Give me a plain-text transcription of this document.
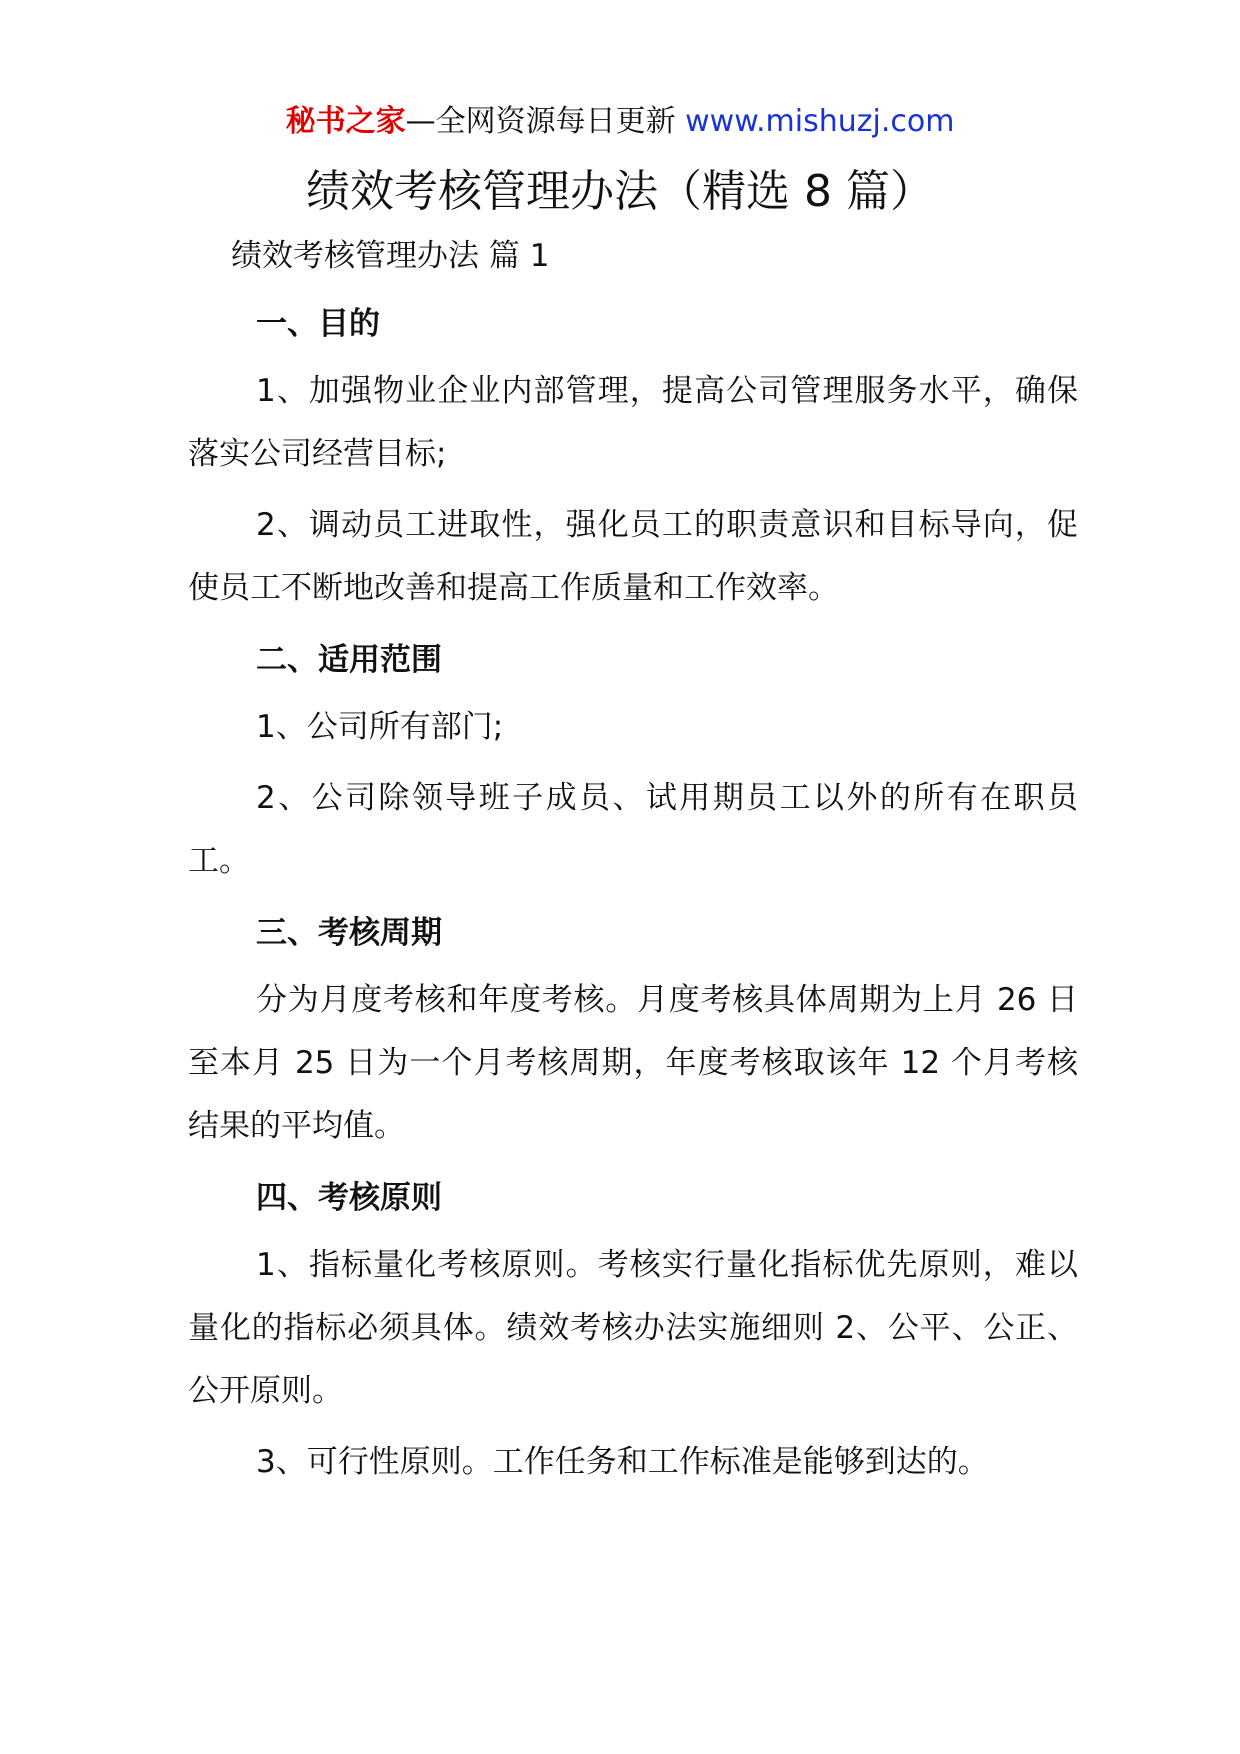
秘书之家—全网资源每日更新 www.mishuzj.com
绩效考核管理办法（精选 8 篇）
绩效考核管理办法 篇 1
一、目的
1、加强物业企业内部管理，提高公司管理服务水平，确保落实公司经营目标;
2、调动员工进取性，强化员工的职责意识和目标导向，促使员工不断地改善和提高工作质量和工作效率。
二、适用范围
1、公司所有部门;
2、公司除领导班子成员、试用期员工以外的所有在职员工。
三、考核周期
分为月度考核和年度考核。月度考核具体周期为上月 26 日至本月 25 日为一个月考核周期，年度考核取该年 12 个月考核结果的平均值。
四、考核原则
1、指标量化考核原则。考核实行量化指标优先原则，难以量化的指标必须具体。绩效考核办法实施细则 2、公平、公正、公开原则。
3、可行性原则。工作任务和工作标准是能够到达的。
